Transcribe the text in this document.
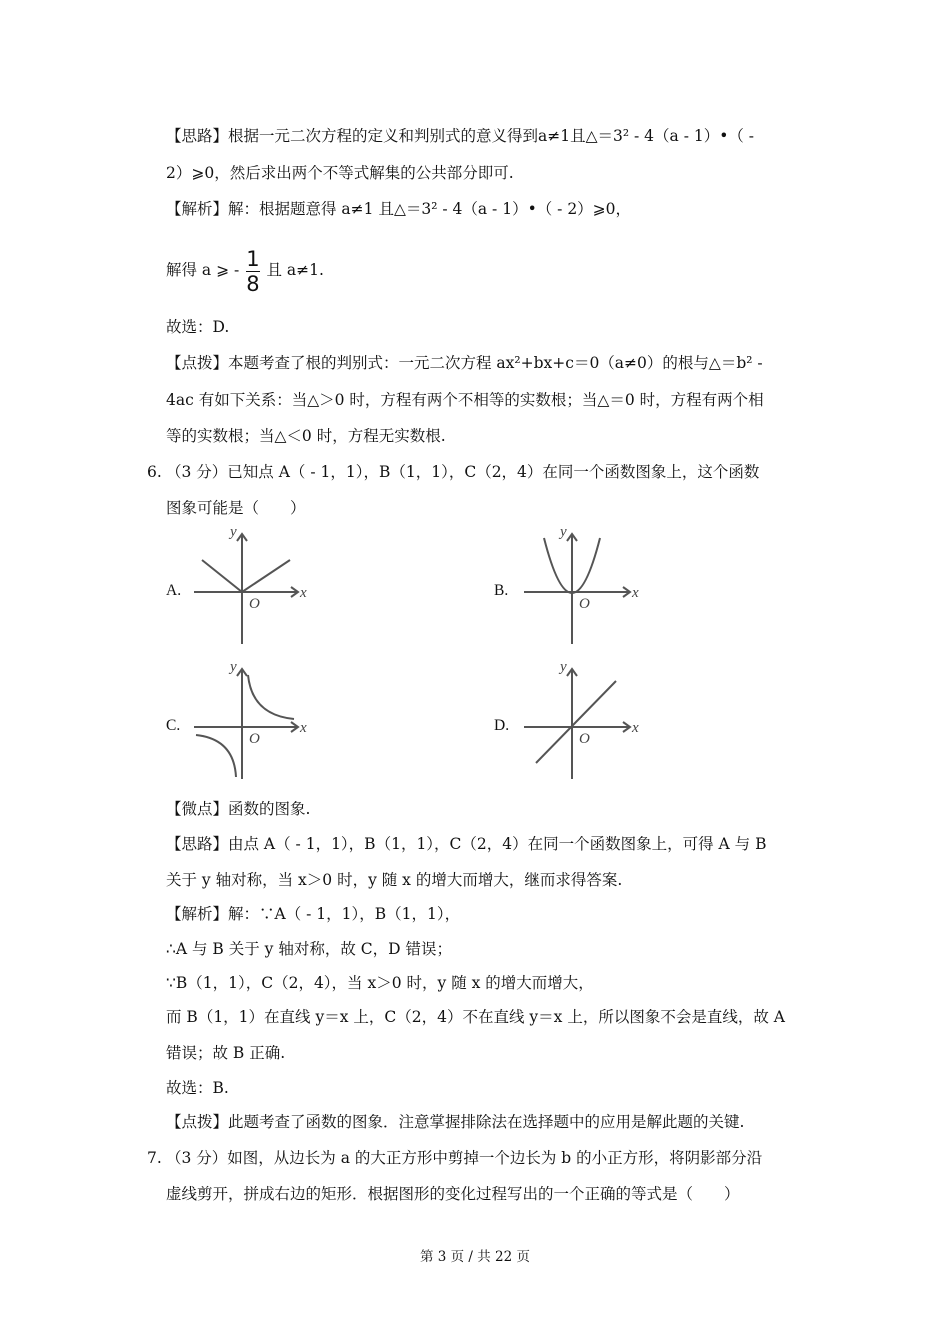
【思路】根据一元二次方程的定义和判别式的意义得到a≠1且△＝3² - 4（a - 1）•（ -
2）⩾0，然后求出两个不等式解集的公共部分即可.
【解析】解：根据题意得 a≠1 且△＝3² - 4（a - 1）•（ - 2）⩾0，
解得 a ⩾ - $\frac{1}{8}$ 且 a≠1.
故选：D.
【点拨】本题考查了根的判别式：一元二次方程 ax²+bx+c＝0（a≠0）的根与△＝b² -
4ac 有如下关系：当△＞0 时，方程有两个不相等的实数根；当△＝0 时，方程有两个相
等的实数根；当△＜0 时，方程无实数根.
6. （3 分）已知点 A（ - 1，1），B（1，1），C（2，4）在同一个函数图象上，这个函数
图象可能是（　　）
A.	x
y
O
B.	x
y
O
C.	x
y
O
D.	x
y
O
【微点】函数的图象.
【思路】由点 A（ - 1，1），B（1，1），C（2，4）在同一个函数图象上，可得 A 与 B
关于 y 轴对称，当 x＞0 时，y 随 x 的增大而增大，继而求得答案.
【解析】解：∵A（ - 1，1），B（1，1），
∴A 与 B 关于 y 轴对称，故 C，D 错误；
∵B（1，1），C（2，4），当 x＞0 时，y 随 x 的增大而增大，
而 B（1，1）在直线 y＝x 上，C（2，4）不在直线 y＝x 上，所以图象不会是直线，故 A
错误；故 B 正确.
故选：B.
【点拨】此题考查了函数的图象．注意掌握排除法在选择题中的应用是解此题的关键.
7. （3 分）如图，从边长为 a 的大正方形中剪掉一个边长为 b 的小正方形，将阴影部分沿
虚线剪开，拼成右边的矩形．根据图形的变化过程写出的一个正确的等式是（　　）
第 3 页 / 共 22 页
